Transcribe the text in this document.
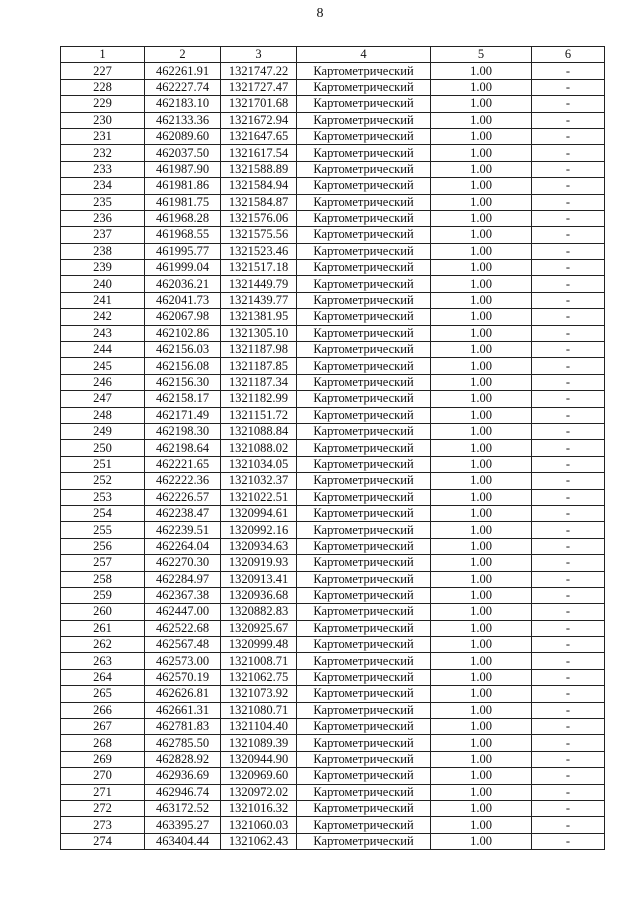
8
1	2	3	4	5	6
227	462261.91	1321747.22	Картометрический	1.00	-
228	462227.74	1321727.47	Картометрический	1.00	-
229	462183.10	1321701.68	Картометрический	1.00	-
230	462133.36	1321672.94	Картометрический	1.00	-
231	462089.60	1321647.65	Картометрический	1.00	-
232	462037.50	1321617.54	Картометрический	1.00	-
233	461987.90	1321588.89	Картометрический	1.00	-
234	461981.86	1321584.94	Картометрический	1.00	-
235	461981.75	1321584.87	Картометрический	1.00	-
236	461968.28	1321576.06	Картометрический	1.00	-
237	461968.55	1321575.56	Картометрический	1.00	-
238	461995.77	1321523.46	Картометрический	1.00	-
239	461999.04	1321517.18	Картометрический	1.00	-
240	462036.21	1321449.79	Картометрический	1.00	-
241	462041.73	1321439.77	Картометрический	1.00	-
242	462067.98	1321381.95	Картометрический	1.00	-
243	462102.86	1321305.10	Картометрический	1.00	-
244	462156.03	1321187.98	Картометрический	1.00	-
245	462156.08	1321187.85	Картометрический	1.00	-
246	462156.30	1321187.34	Картометрический	1.00	-
247	462158.17	1321182.99	Картометрический	1.00	-
248	462171.49	1321151.72	Картометрический	1.00	-
249	462198.30	1321088.84	Картометрический	1.00	-
250	462198.64	1321088.02	Картометрический	1.00	-
251	462221.65	1321034.05	Картометрический	1.00	-
252	462222.36	1321032.37	Картометрический	1.00	-
253	462226.57	1321022.51	Картометрический	1.00	-
254	462238.47	1320994.61	Картометрический	1.00	-
255	462239.51	1320992.16	Картометрический	1.00	-
256	462264.04	1320934.63	Картометрический	1.00	-
257	462270.30	1320919.93	Картометрический	1.00	-
258	462284.97	1320913.41	Картометрический	1.00	-
259	462367.38	1320936.68	Картометрический	1.00	-
260	462447.00	1320882.83	Картометрический	1.00	-
261	462522.68	1320925.67	Картометрический	1.00	-
262	462567.48	1320999.48	Картометрический	1.00	-
263	462573.00	1321008.71	Картометрический	1.00	-
264	462570.19	1321062.75	Картометрический	1.00	-
265	462626.81	1321073.92	Картометрический	1.00	-
266	462661.31	1321080.71	Картометрический	1.00	-
267	462781.83	1321104.40	Картометрический	1.00	-
268	462785.50	1321089.39	Картометрический	1.00	-
269	462828.92	1320944.90	Картометрический	1.00	-
270	462936.69	1320969.60	Картометрический	1.00	-
271	462946.74	1320972.02	Картометрический	1.00	-
272	463172.52	1321016.32	Картометрический	1.00	-
273	463395.27	1321060.03	Картометрический	1.00	-
274	463404.44	1321062.43	Картометрический	1.00	-
